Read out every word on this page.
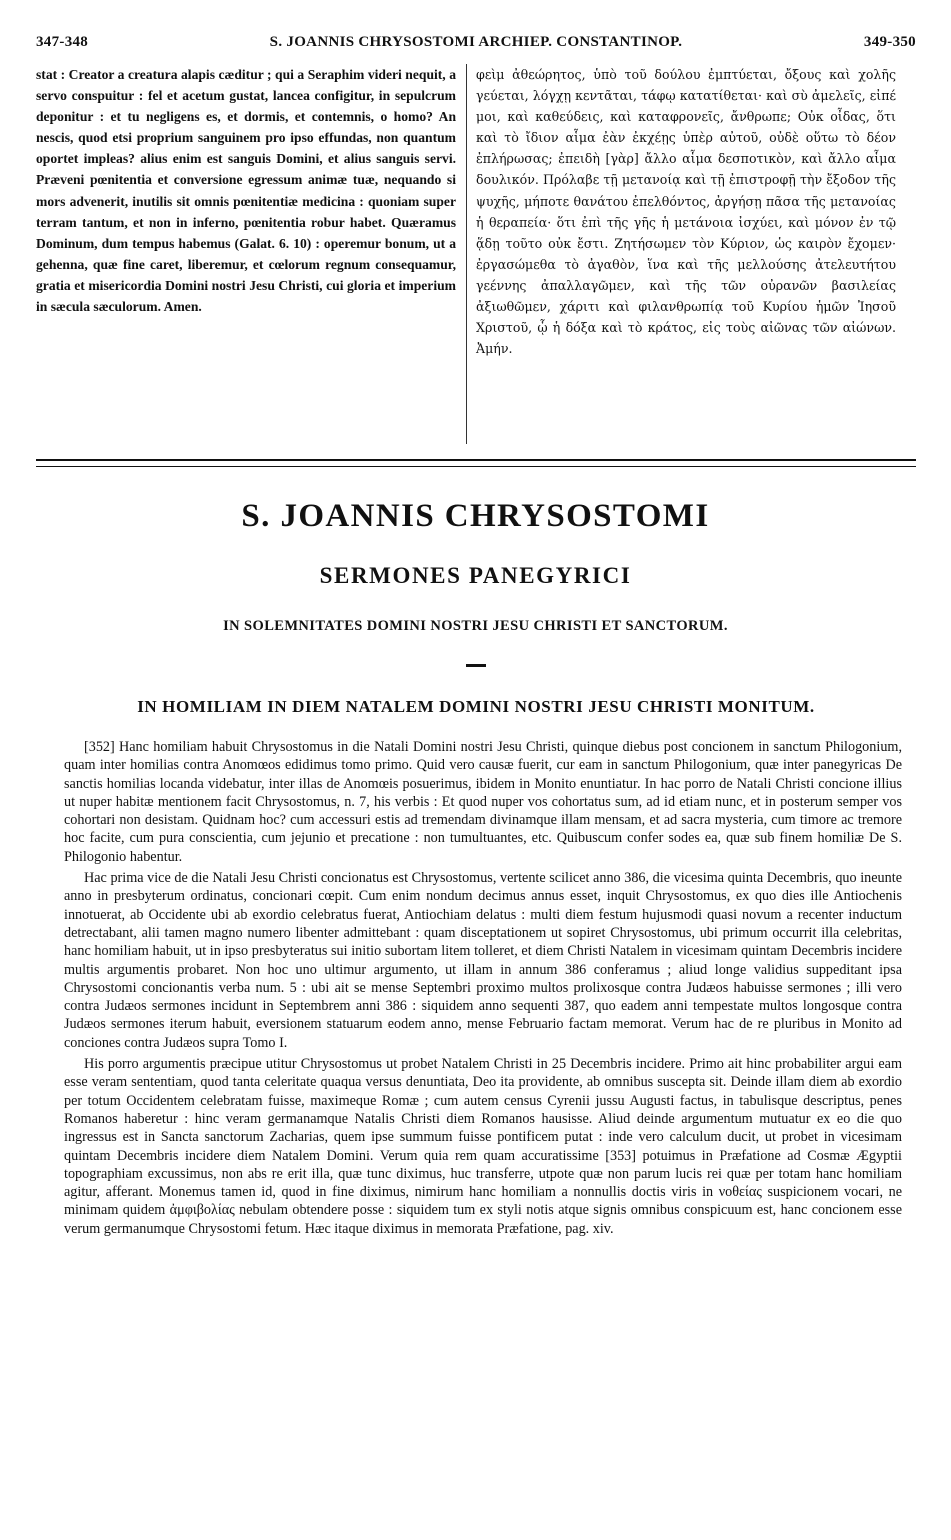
347-348	S. JOANNIS CHRYSOSTOMI ARCHIEP. CONSTANTINOP.	349-350
stat : Creator a creatura alapis cæditur ; qui a Seraphim videri nequit, a servo conspuitur : fel et acetum gustat, lancea configitur, in sepulcrum deponitur : et tu negligens es, et dormis, et contemnis, o homo? An nescis, quod etsi proprium sanguinem pro ipso effundas, non quantum oportet impleas? alius enim est sanguis Domini, et alius sanguis servi. Præveni pœnitentia et conversione egressum animæ tuæ, nequando si mors advenerit, inutilis sit omnis pœnitentiæ medicina : quoniam super terram tantum, et non in inferno, pœnitentia robur habet. Quæramus Dominum, dum tempus habemus (Galat. 6. 10) : operemur bonum, ut a gehenna, quæ fine caret, liberemur, et cœlorum regnum consequamur, gratia et misericordia Domini nostri Jesu Christi, cui gloria et imperium in sæcula sæculorum. Amen.
φεὶμ ἀθεώρητος, ὑπὸ τοῦ δούλου ἐμπτύεται, ὄξους καὶ χολῆς γεύεται, λόγχῃ κεντᾶται, τάφῳ κατατίθεται· καὶ σὺ ἀμελεῖς, εἰπέ μοι, καὶ καθεύδεις, καὶ καταφρονεῖς, ἄνθρωπε; Οὐκ οἶδας, ὅτι καὶ τὸ ἴδιον αἷμα ἐὰν ἐκχέῃς ὑπὲρ αὐτοῦ, οὐδὲ οὕτω τὸ δέον ἐπλήρωσας; ἐπειδὴ [γὰρ] ἄλλο αἷμα δεσποτικὸν, καὶ ἄλλο αἷμα δουλικόν. Πρόλαβε τῇ μετανοίᾳ καὶ τῇ ἐπιστροφῇ τὴν ἔξοδον τῆς ψυχῆς, μήποτε θανάτου ἐπελθόντος, ἀργήσῃ πᾶσα τῆς μετανοίας ἡ θεραπεία· ὅτι ἐπὶ τῆς γῆς ἡ μετάνοια ἰσχύει, καὶ μόνον ἐν τῷ ᾅδῃ τοῦτο οὐκ ἔστι. Ζητήσωμεν τὸν Κύριον, ὡς καιρὸν ἔχομεν· ἐργασώμεθα τὸ ἀγαθὸν, ἵνα καὶ τῆς μελλούσης ἀτελευτήτου γεέννης ἀπαλλαγῶμεν, καὶ τῆς τῶν οὐρανῶν βασιλείας ἀξιωθῶμεν, χάριτι καὶ φιλανθρωπίᾳ τοῦ Κυρίου ἡμῶν Ἰησοῦ Χριστοῦ, ᾧ ἡ δόξα καὶ τὸ κράτος, εἰς τοὺς αἰῶνας τῶν αἰώνων. Ἀμήν.
S. JOANNIS CHRYSOSTOMI
SERMONES PANEGYRICI
IN SOLEMNITATES DOMINI NOSTRI JESU CHRISTI ET SANCTORUM.
IN HOMILIAM IN DIEM NATALEM DOMINI NOSTRI JESU CHRISTI MONITUM.

[352] Hanc homiliam habuit Chrysostomus in die Natali Domini nostri Jesu Christi, quinque diebus post concionem in sanctum Philogonium, quam inter homilias contra Anomœos edidimus tomo primo. Quid vero causæ fuerit, cur eam in sanctum Philogonium, quæ inter panegyricas De sanctis homilias locanda videbatur, inter illas de Anomœis posuerimus, ibidem in Monito enuntiatur. In hac porro de Natali Christi concione illius ut nuper habitæ mentionem facit Chrysostomus, n. 7, his verbis : Et quod nuper vos cohortatus sum, ad id etiam nunc, et in posterum semper vos cohortari non desistam. Quidnam hoc? cum accessuri estis ad tremendam divinamque illam mensam, et ad sacra mysteria, cum timore ac tremore hoc facite, cum pura conscientia, cum jejunio et precatione : non tumultuantes, etc. Quibuscum confer sodes ea, quæ sub finem homiliæ De S. Philogonio habentur.

Hac prima vice de die Natali Jesu Christi concionatus est Chrysostomus, vertente scilicet anno 386, die vicesima quinta Decembris, quo ineunte anno in presbyterum ordinatus, concionari cœpit. Cum enim nondum decimus annus esset, inquit Chrysostomus, ex quo dies ille Antiochenis innotuerat, ab Occidente ubi ab exordio celebratus fuerat, Antiochiam delatus : multi diem festum hujusmodi quasi novum a recenter inductum detrectabant, alii tamen magno numero libenter admittebant : quam disceptationem ut sopiret Chrysostomus, ubi primum occurrit illa celebritas, hanc homiliam habuit, ut in ipso presbyteratus sui initio subortam litem tolleret, et diem Christi Natalem in vicesimam quintam Decembris incidere multis argumentis probaret. Non hoc uno ultimur argumento, ut illam in annum 386 conferamus ; aliud longe validius suppeditant ipsa Chrysostomi concionantis verba num. 5 : ubi ait se mense Septembri proximo multos prolixosque contra Judæos habuisse sermones ; illi vero contra Judæos sermones incidunt in Septembrem anni 386 : siquidem anno sequenti 387, quo eadem anni tempestate multos longosque contra Judæos sermones iterum habuit, eversionem statuarum eodem anno, mense Februario factam memorat. Verum hac de re pluribus in Monito ad conciones contra Judæos supra Tomo I.

His porro argumentis præcipue utitur Chrysostomus ut probet Natalem Christi in 25 Decembris incidere. Primo ait hinc probabiliter argui eam esse veram sententiam, quod tanta celeritate quaqua versus denuntiata, Deo ita providente, ab omnibus suscepta sit. Deinde illam diem ab exordio per totum Occidentem celebratam fuisse, maximeque Romæ ; cum autem census Cyrenii jussu Augusti factus, in tabulisque descriptus, penes Romanos haberetur : hinc veram germanamque Natalis Christi diem Romanos hausisse. Aliud deinde argumentum mutuatur ex eo die quo ingressus est in Sancta sanctorum Zacharias, quem ipse summum fuisse pontificem putat : inde vero calculum ducit, ut probet in vicesimam quintam Decembris incidere diem Natalem Domini. Verum quia rem quam accuratissime [353] potuimus in Præfatione ad Cosmæ Ægyptii topographiam excussimus, non abs re erit illa, quæ tunc diximus, huc transferre, utpote quæ non parum lucis rei quæ per totam hanc homiliam agitur, afferant. Monemus tamen id, quod in fine diximus, nimirum hanc homiliam a nonnullis doctis viris in νοθείας suspicionem vocari, ne minimam quidem ἀμφιβολίας nebulam obtendere posse : siquidem tum ex styli notis atque signis omnibus conspicuum est, hanc concionem esse verum germanumque Chrysostomi fetum. Hæc itaque diximus in memorata Præfatione, pag. xiv.
